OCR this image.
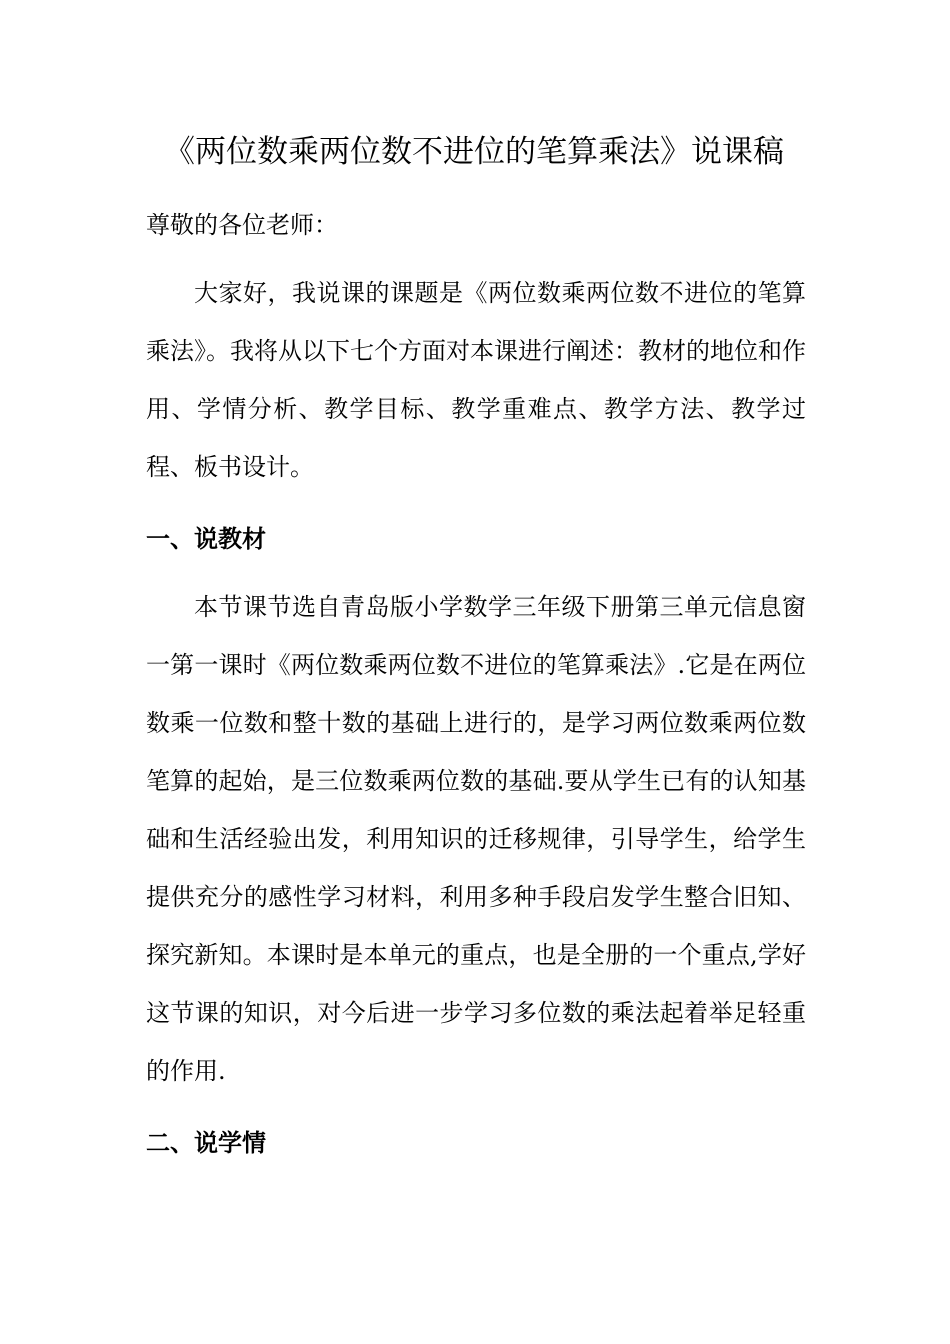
《两位数乘两位数不进位的笔算乘法》说课稿

尊敬的各位老师：

大家好，我说课的课题是《两位数乘两位数不进位的笔算乘法》。我将从以下七个方面对本课进行阐述：教材的地位和作用、学情分析、教学目标、教学重难点、教学方法、教学过程、板书设计。

一、说教材

本节课节选自青岛版小学数学三年级下册第三单元信息窗一第一课时《两位数乘两位数不进位的笔算乘法》.它是在两位数乘一位数和整十数的基础上进行的，是学习两位数乘两位数笔算的起始，是三位数乘两位数的基础.要从学生已有的认知基础和生活经验出发，利用知识的迁移规律，引导学生，给学生提供充分的感性学习材料，利用多种手段启发学生整合旧知、探究新知。本课时是本单元的重点，也是全册的一个重点,学好这节课的知识，对今后进一步学习多位数的乘法起着举足轻重的作用.

二、说学情
